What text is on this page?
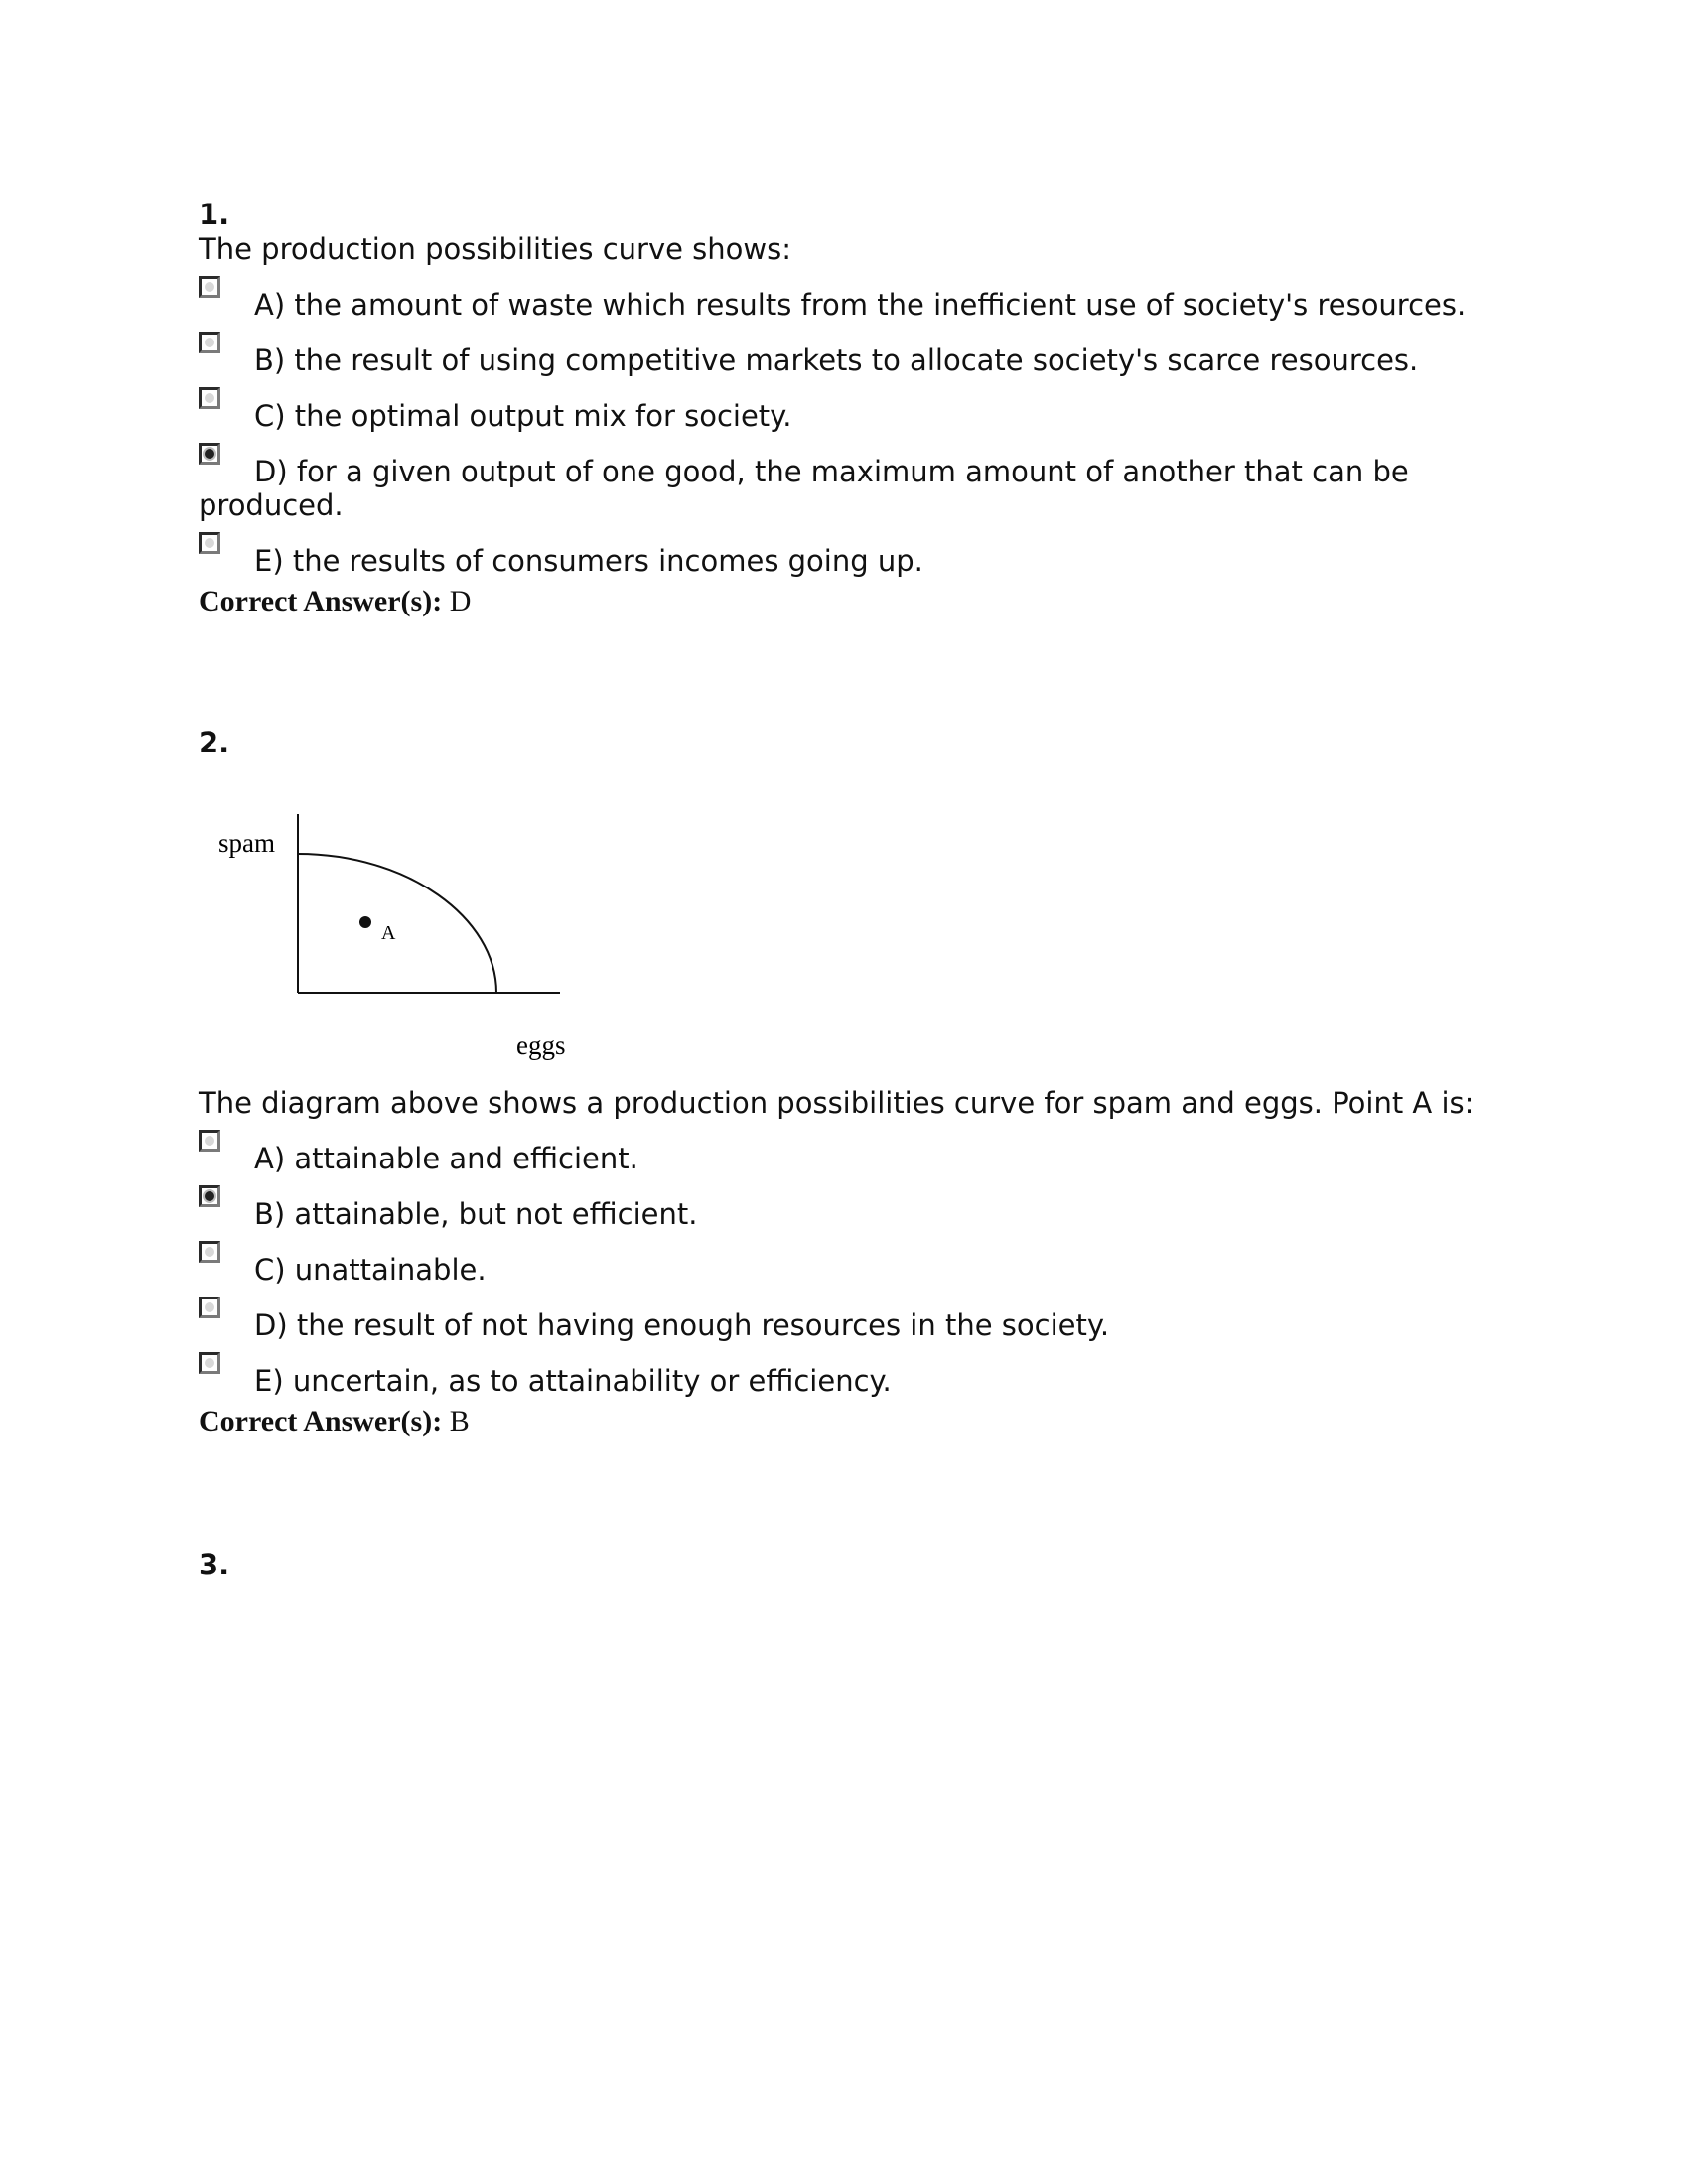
1.
The production possibilities curve shows:
A) the amount of waste which results from the inefficient use of society's resources.
B) the result of using competitive markets to allocate society's scarce resources.
C) the optimal output mix for society.
D) for a given output of one good, the maximum amount of another that can be produced.
E) the results of consumers incomes going up.
Correct Answer(s): D
2.
A
spam
eggs
The diagram above shows a production possibilities curve for spam and eggs. Point A is:
A) attainable and efficient.
B) attainable, but not efficient.
C) unattainable.
D) the result of not having enough resources in the society.
E) uncertain, as to attainability or efficiency.
Correct Answer(s): B
3.
